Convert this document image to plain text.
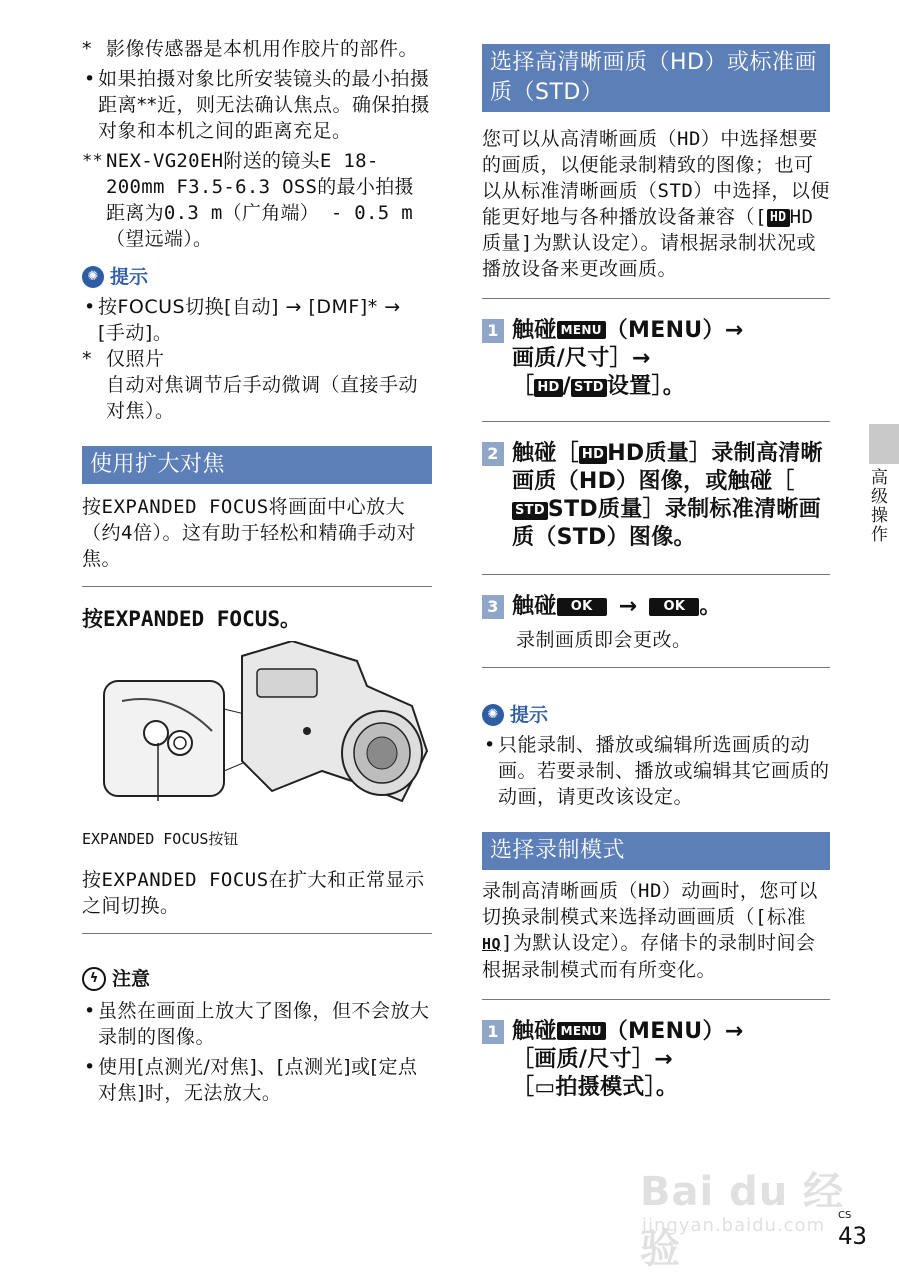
* 影像传感器是本机用作胶片的部件。
• 如果拍摄对象比所安装镜头的最小拍摄距离**近，则无法确认焦点。确保拍摄对象和本机之间的距离充足。
** NEX-VG20EH附送的镜头E 18-200mm F3.5-6.3 OSS的最小拍摄距离为0.3 m（广角端） - 0.5 m（望远端）。
✺ 提示
• 按FOCUS切换[自动] → [DMF]* → [手动]。
* 仅照片
自动对焦调节后手动微调（直接手动对焦）。
使用扩大对焦

按EXPANDED FOCUS将画面中心放大（约4倍）。这有助于轻松和精确手动对焦。

按EXPANDED FOCUS。

EXPANDED FOCUS按钮

按EXPANDED FOCUS在扩大和正常显示之间切换。

ϟ 注意
• 虽然在画面上放大了图像，但不会放大录制的图像。
• 使用[点测光/对焦]、[点测光]或[定点对焦]时，无法放大。
选择高清晰画质（HD）或标准画质（STD）

您可以从高清晰画质（HD）中选择想要的画质，以便能录制精致的图像；也可以从标准清晰画质（STD）中选择，以便能更好地与各种播放设备兼容（[ HD HD质量]为默认设定）。请根据录制状况或播放设备来更改画质。

1 触碰 MENU （MENU）→
画质/尺寸］→
［ HD / STD 设置］。
2 触碰［ HD HD质量］录制高清晰画质（HD）图像，或触碰［STD STD质量］录制标准清晰画质（STD）图像。
3 触碰 OK → OK 。

录制画质即会更改。

✺ 提示
• 只能录制、播放或编辑所选画质的动画。若要录制、播放或编辑其它画质的动画，请更改该设定。
选择录制模式

录制高清晰画质（HD）动画时，您可以切换录制模式来选择动画画质（[标准HQ]为默认设定）。存储卡的录制时间会根据录制模式而有所变化。

1 触碰 MENU （MENU）→
［画质/尺寸］→
［▭拍摄模式］。
高级操作
Bai du 经验
jingyan.baidu.com CS
43
